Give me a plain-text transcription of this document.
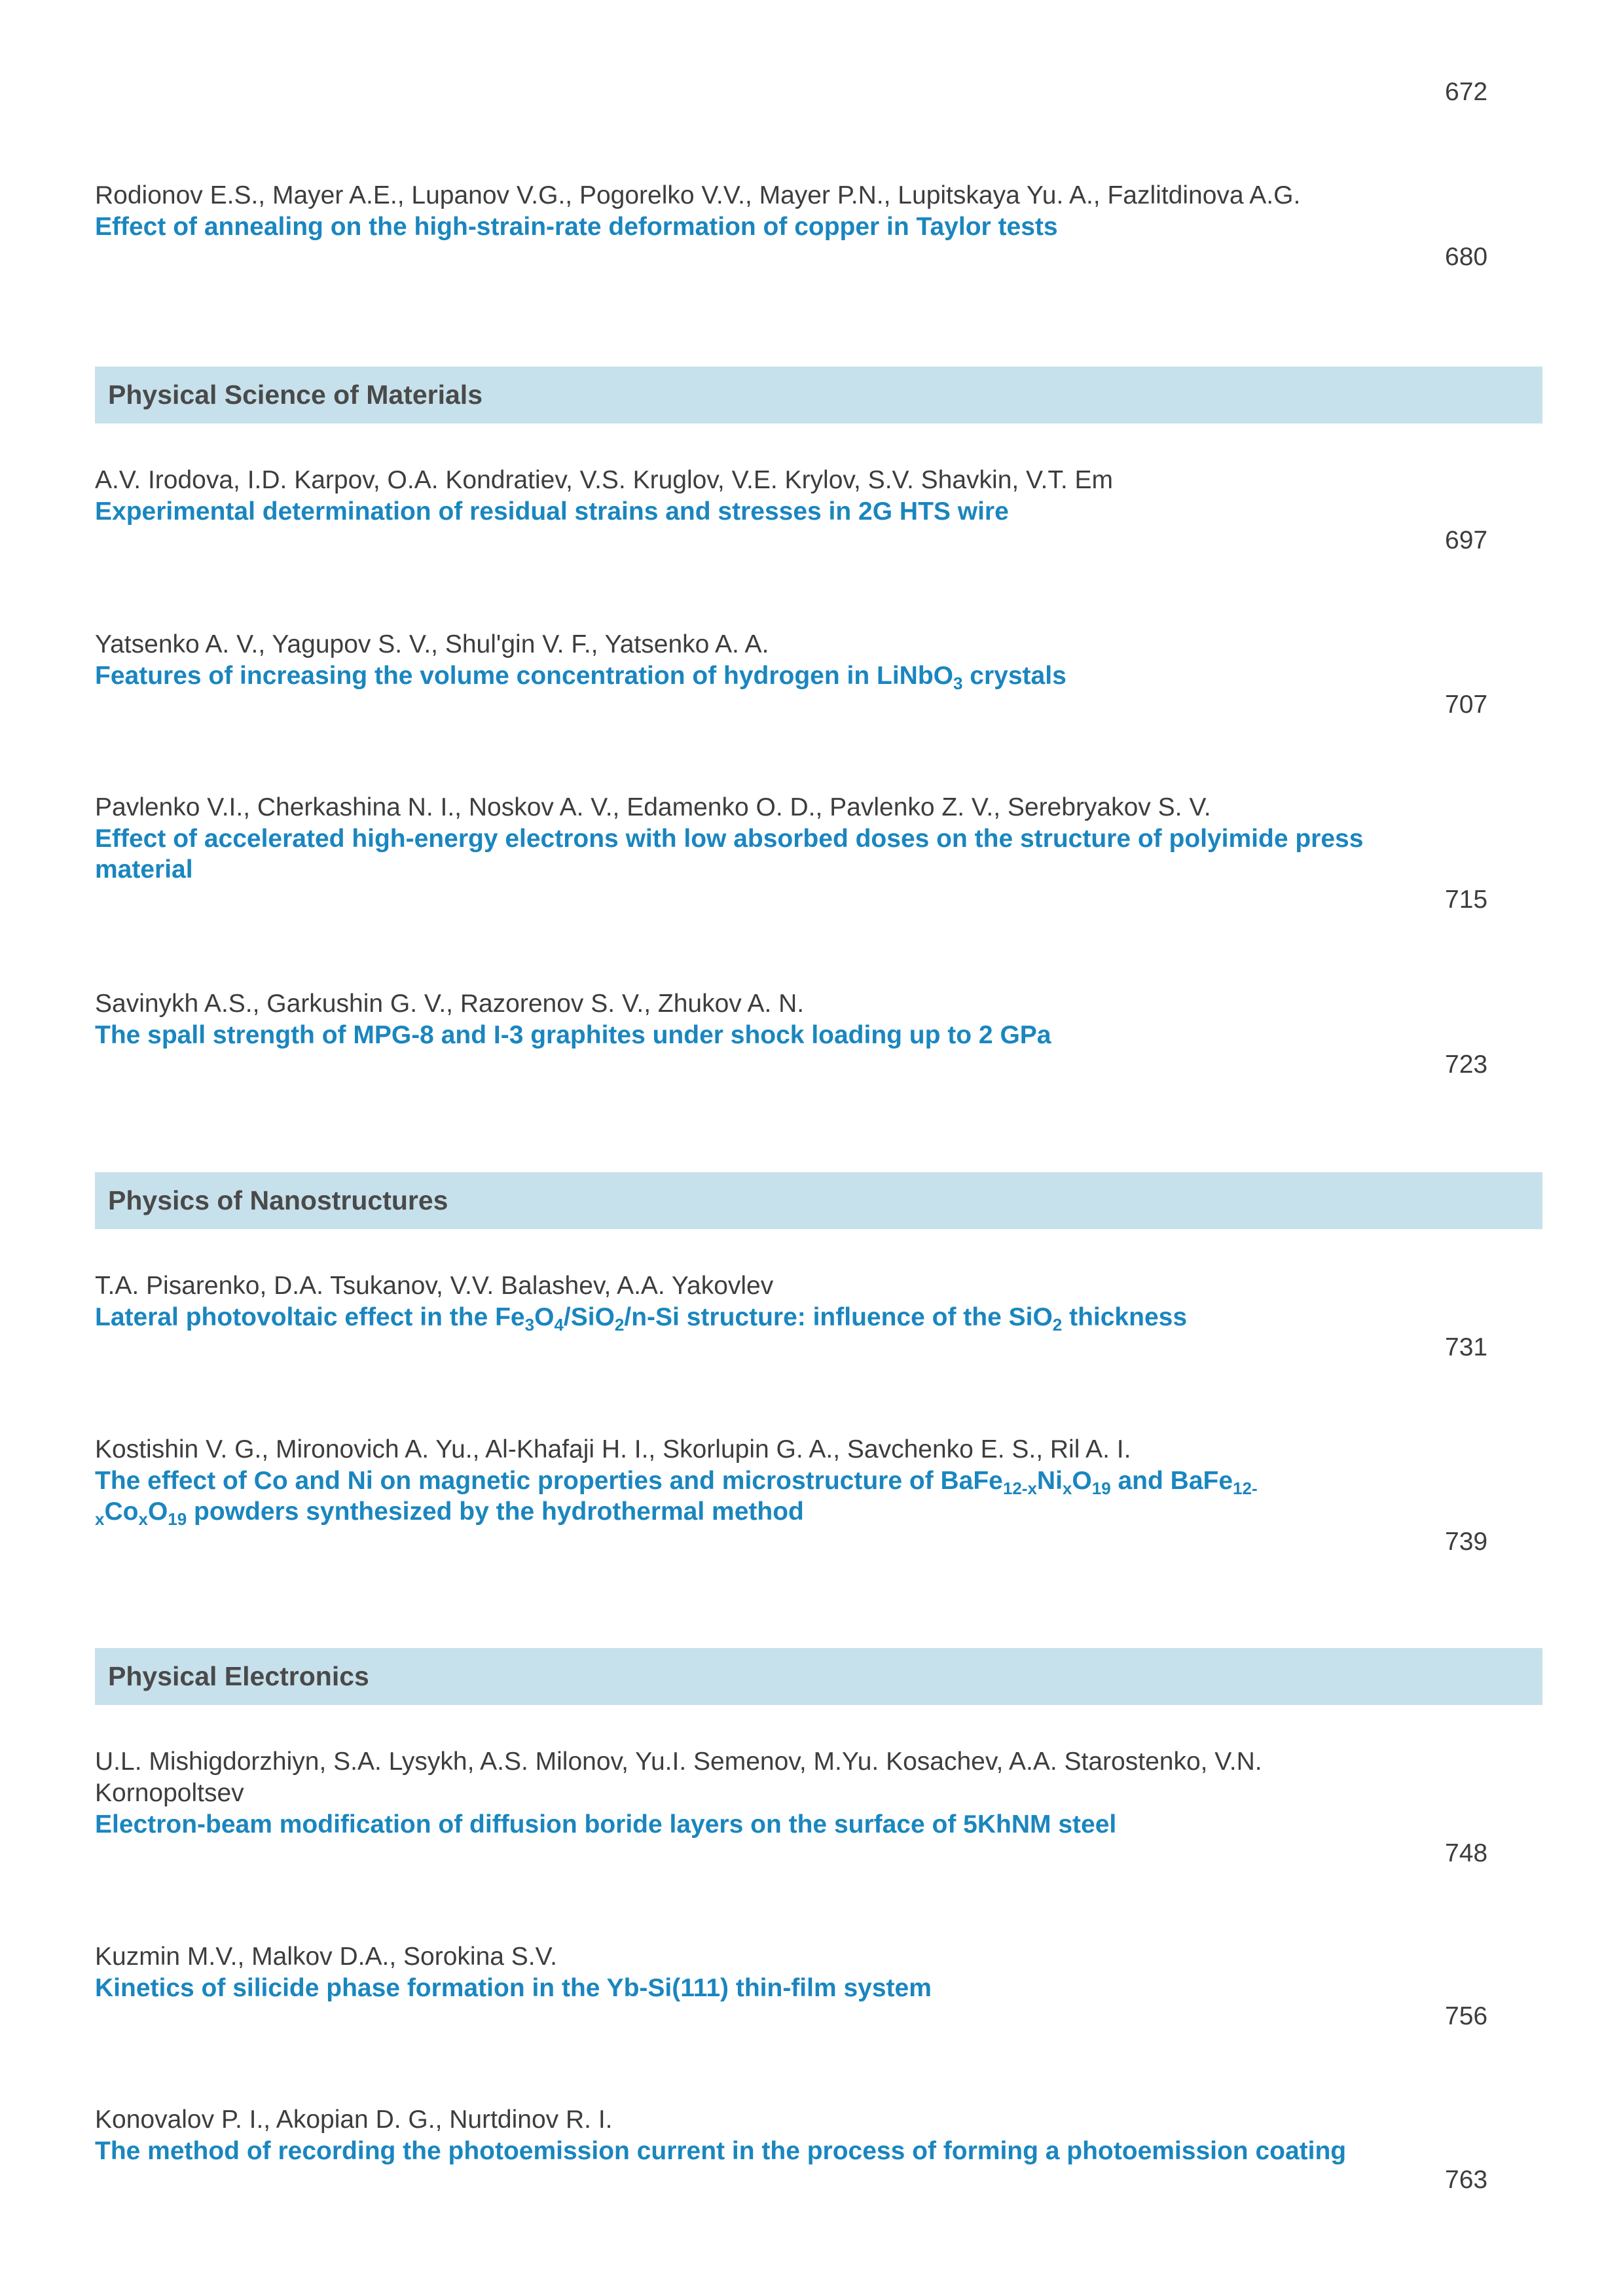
672
Rodionov E.S., Mayer A.E., Lupanov V.G., Pogorelko V.V., Mayer P.N., Lupitskaya Yu. A., Fazlitdinova A.G.
Effect of annealing on the high-strain-rate deformation of copper in Taylor tests
680
Physical Science of Materials
A.V. Irodova, I.D. Karpov, O.A. Kondratiev, V.S. Kruglov, V.E. Krylov, S.V. Shavkin, V.T. Em
Experimental determination of residual strains and stresses in 2G HTS wire
697
Yatsenko A. V., Yagupov S. V., Shul'gin V. F., Yatsenko A. A.
Features of increasing the volume concentration of hydrogen in LiNbO$_3$ crystals
707
Pavlenko V.I., Cherkashina N. I., Noskov A. V., Edamenko O. D., Pavlenko Z. V., Serebryakov S. V.
Effect of accelerated high-energy electrons with low absorbed doses on the structure of polyimide press
material
715
Savinykh A.S., Garkushin G. V., Razorenov S. V., Zhukov A. N.
The spall strength of MPG-8 and I-3 graphites under shock loading up to 2 GPa
723
Physics of Nanostructures
T.A. Pisarenko, D.A. Tsukanov, V.V. Balashev, A.A. Yakovlev
Lateral photovoltaic effect in the $Fe_3O_4/SiO_2/n-Si$ structure: influence of the SiO$_2$ thickness
731
Kostishin V. G., Mironovich A. Yu., Al-Khafaji H. I., Skorlupin G. A., Savchenko E. S., Ril A. I.
The effect of Co and Ni on magnetic properties and microstructure of $BaFe_{12-x}Ni_xO_{19}$ and BaFe$_{12-}$
$_xCo_xO_{19}$ powders synthesized by the hydrothermal method
739
Physical Electronics
U.L. Mishigdorzhiyn, S.A. Lysykh, A.S. Milonov, Yu.I. Semenov, M.Yu. Kosachev, A.A. Starostenko, V.N.
Kornopoltsev
Electron-beam modification of diffusion boride layers on the surface of 5KhNM steel
748
Kuzmin M.V., Malkov D.A., Sorokina S.V.
Kinetics of silicide phase formation in the Yb-Si(111) thin-film system
756
Konovalov P. I., Akopian D. G., Nurtdinov R. I.
The method of recording the photoemission current in the process of forming a photoemission coating
763
